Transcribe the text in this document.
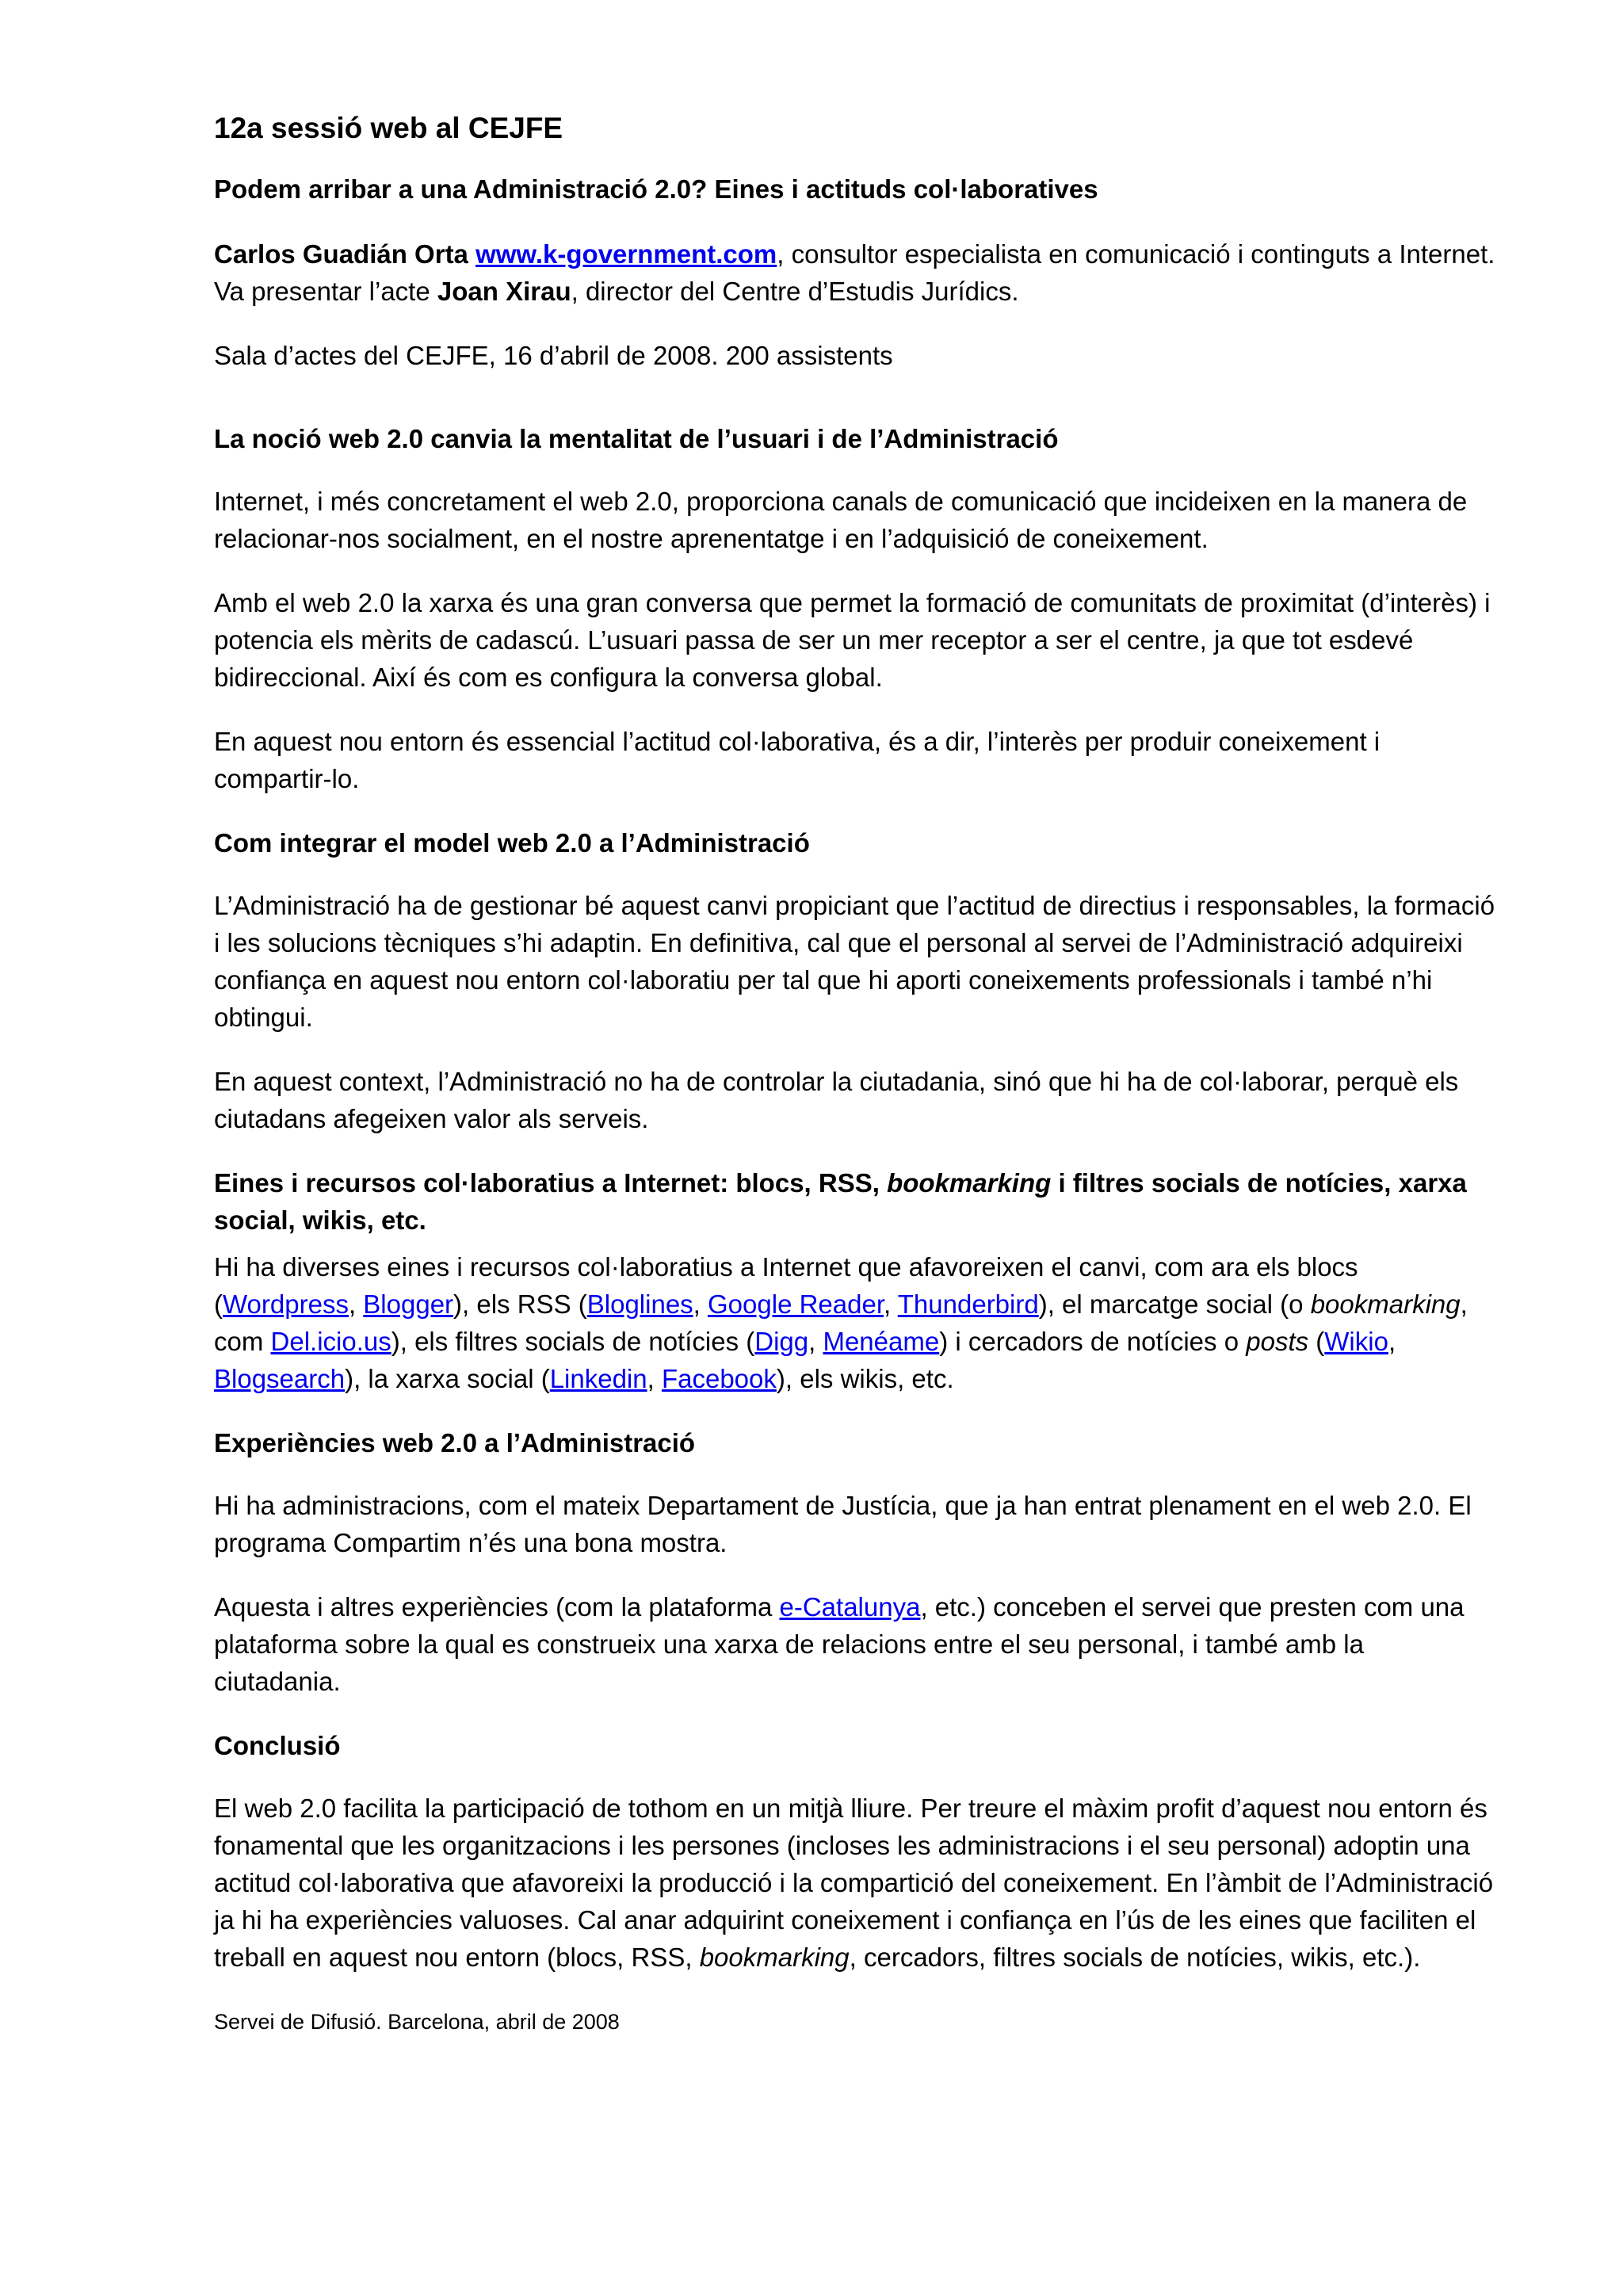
12a sessió web al CEJFE
Podem arribar a una Administració 2.0? Eines i actituds col·laboratives

Carlos Guadián Orta www.k-government.com, consultor especialista en comunicació i continguts a Internet. Va presentar l’acte Joan Xirau, director del Centre d’Estudis Jurídics.

Sala d’actes del CEJFE, 16 d’abril de 2008. 200 assistents

La noció web 2.0 canvia la mentalitat de l’usuari i de l’Administració

Internet, i més concretament el web 2.0, proporciona canals de comunicació que incideixen en la manera de relacionar-nos socialment, en el nostre aprenentatge i en l’adquisició de coneixement.

Amb el web 2.0 la xarxa és una gran conversa que permet la formació de comunitats de proximitat (d’interès) i potencia els mèrits de cadascú. L’usuari passa de ser un mer receptor a ser el centre, ja que tot esdevé bidireccional. Així és com es configura la conversa global.

En aquest nou entorn és essencial l’actitud col·laborativa, és a dir, l’interès per produir coneixement i compartir-lo.

Com integrar el model web 2.0 a l’Administració

L’Administració ha de gestionar bé aquest canvi propiciant que l’actitud de directius i responsables, la formació i les solucions tècniques s’hi adaptin. En definitiva, cal que el personal al servei de l’Administració adquireixi confiança en aquest nou entorn col·laboratiu per tal que hi aporti coneixements professionals i també n’hi obtingui.

En aquest context, l’Administració no ha de controlar la ciutadania, sinó que hi ha de col·laborar, perquè els ciutadans afegeixen valor als serveis.

Eines i recursos col·laboratius a Internet: blocs, RSS, bookmarking i filtres socials de notícies, xarxa social, wikis, etc.

Hi ha diverses eines i recursos col·laboratius a Internet que afavoreixen el canvi, com ara els blocs (Wordpress, Blogger), els RSS (Bloglines, Google Reader, Thunderbird), el marcatge social (o bookmarking, com Del.icio.us), els filtres socials de notícies (Digg, Menéame) i cercadors de notícies o posts (Wikio, Blogsearch), la xarxa social (Linkedin, Facebook), els wikis, etc.

Experiències web 2.0 a l’Administració

Hi ha administracions, com el mateix Departament de Justícia, que ja han entrat plenament en el web 2.0. El programa Compartim n’és una bona mostra.

Aquesta i altres experiències (com la plataforma e-Catalunya, etc.) conceben el servei que presten com una plataforma sobre la qual es construeix una xarxa de relacions entre el seu personal, i també amb la ciutadania.

Conclusió

El web 2.0 facilita la participació de tothom en un mitjà lliure. Per treure el màxim profit d’aquest nou entorn és fonamental que les organitzacions i les persones (incloses les administracions i el seu personal) adoptin una actitud col·laborativa que afavoreixi la producció i la compartició del coneixement. En l’àmbit de l’Administració ja hi ha experiències valuoses. Cal anar adquirint coneixement i confiança en l’ús de les eines que faciliten el treball en aquest nou entorn (blocs, RSS, bookmarking, cercadors, filtres socials de notícies, wikis, etc.).

Servei de Difusió. Barcelona, abril de 2008
